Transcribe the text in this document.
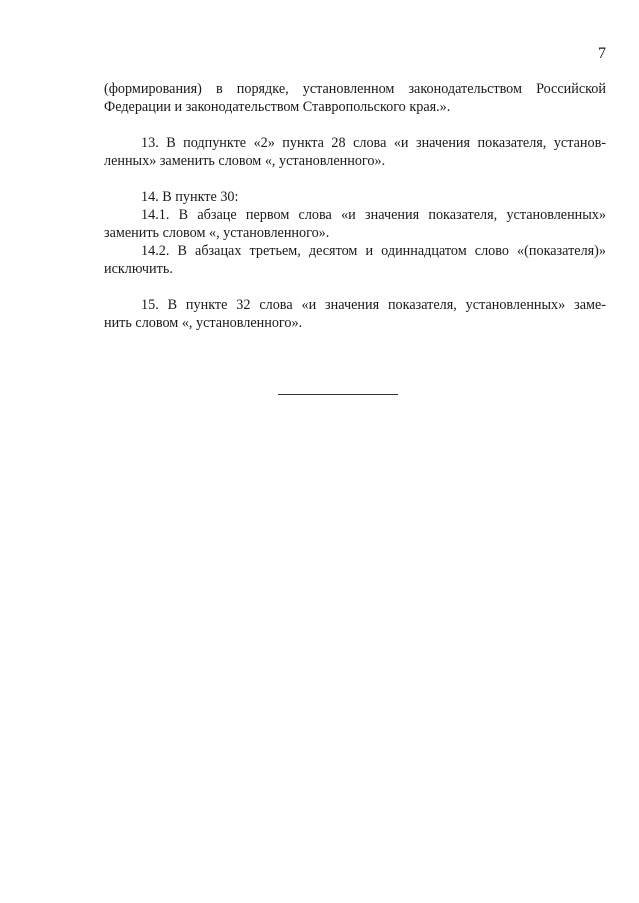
7
(формирования) в порядке, установленном законодательством Российской
Федерации и законодательством Ставропольского края.».
13. В подпункте «2» пункта 28 слова «и значения показателя, установ-
ленных» заменить словом «, установленного».
14. В пункте 30:
14.1. В абзаце первом слова «и значения показателя, установленных»
заменить словом «, установленного».
14.2. В абзацах третьем, десятом и одиннадцатом слово «(показателя)»
исключить.
15. В пункте 32 слова «и значения показателя, установленных» заме-
нить словом «, установленного».
